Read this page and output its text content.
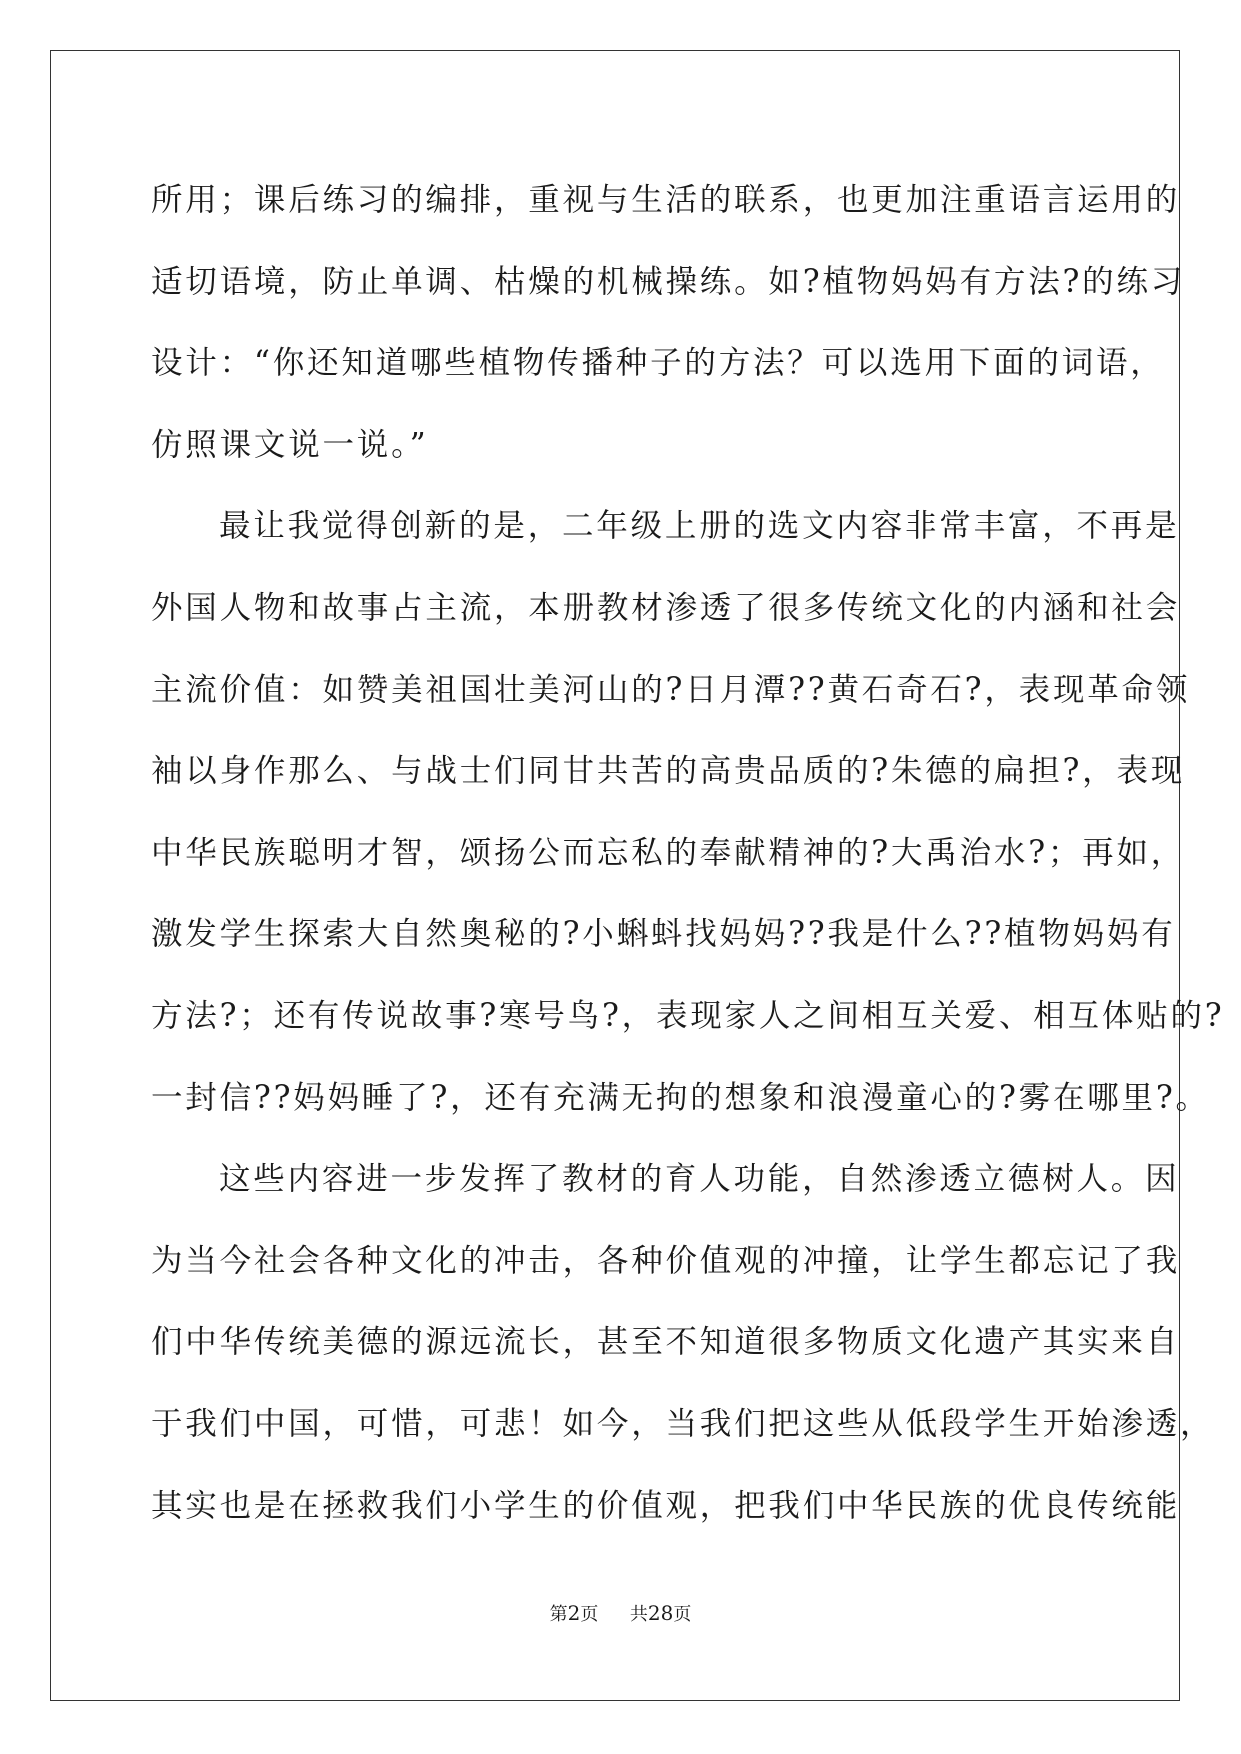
所用；课后练习的编排，重视与生活的联系，也更加注重语言运用的
适切语境，防止单调、枯燥的机械操练。如?植物妈妈有方法?的练习
设计：“你还知道哪些植物传播种子的方法？可以选用下面的词语，
仿照课文说一说。”

最让我觉得创新的是，二年级上册的选文内容非常丰富，不再是
外国人物和故事占主流，本册教材渗透了很多传统文化的内涵和社会
主流价值：如赞美祖国壮美河山的?日月潭??黄石奇石?，表现革命领
袖以身作那么、与战士们同甘共苦的高贵品质的?朱德的扁担?，表现
中华民族聪明才智，颂扬公而忘私的奉献精神的?大禹治水?；再如，
激发学生探索大自然奥秘的?小蝌蚪找妈妈??我是什么??植物妈妈有
方法?；还有传说故事?寒号鸟?，表现家人之间相互关爱、相互体贴的?
一封信??妈妈睡了?，还有充满无拘的想象和浪漫童心的?雾在哪里?。

这些内容进一步发挥了教材的育人功能，自然渗透立德树人。因
为当今社会各种文化的冲击，各种价值观的冲撞，让学生都忘记了我
们中华传统美德的源远流长，甚至不知道很多物质文化遗产其实来自
于我们中国，可惜，可悲！如今，当我们把这些从低段学生开始渗透，
其实也是在拯救我们小学生的价值观，把我们中华民族的优良传统能

第2页 共28页
